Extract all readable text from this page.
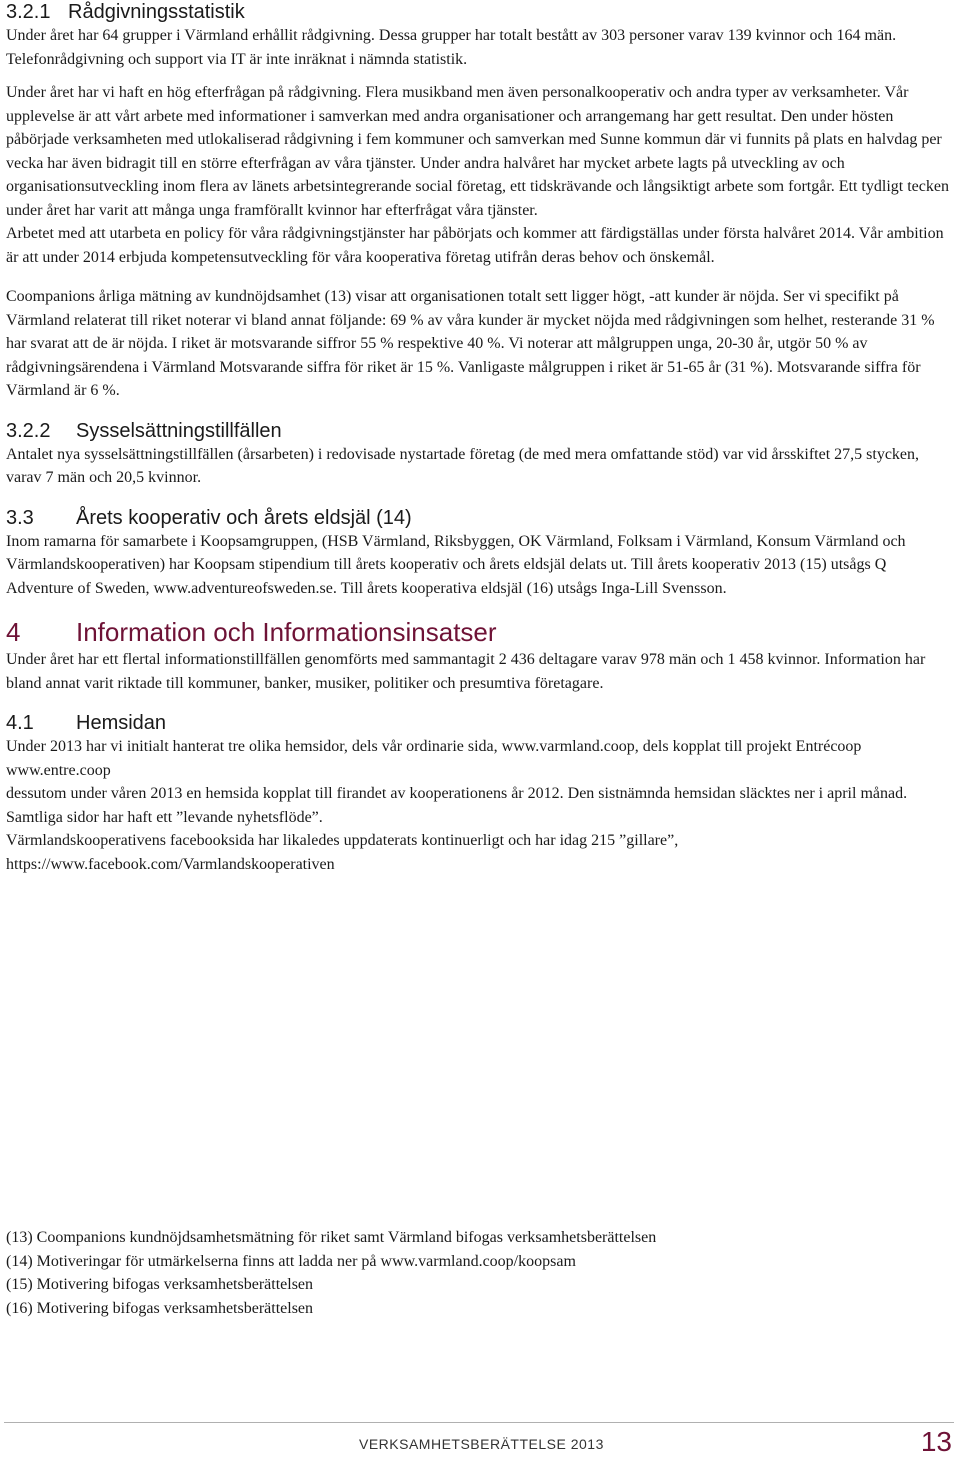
3.2.1 Rådgivningsstatistik

Under året har 64 grupper i Värmland erhållit rådgivning. Dessa grupper har totalt bestått av 303 personer varav 139 kvinnor och 164 män.

Telefonrådgivning och support via IT är inte inräknat i nämnda statistik.

Under året har vi haft en hög efterfrågan på rådgivning. Flera musikband men även personalkooperativ och andra typer av verksamheter. Vår upplevelse är att vårt arbete med informationer i samverkan med andra organisationer och arrangemang har gett resultat. Den under hösten påbörjade verksamheten med utlokaliserad rådgivning i fem kommuner och samverkan med Sunne kommun där vi funnits på plats en halvdag per vecka har även bidragit till en större efterfrågan av våra tjänster. Under andra halvåret har mycket arbete lagts på utveckling av och organisationsutveckling inom flera av länets arbetsintegrerande social företag, ett tidskrävande och långsiktigt arbete som fortgår. Ett tydligt tecken under året har varit att många unga framförallt kvinnor har efterfrågat våra tjänster.

Arbetet med att utarbeta en policy för våra rådgivningstjänster har påbörjats och kommer att färdigställas under första halvåret 2014. Vår ambition är att under 2014 erbjuda kompetensutveckling för våra kooperativa företag utifrån deras behov och önskemål.

Coompanions årliga mätning av kundnöjdsamhet (13) visar att organisationen totalt sett ligger högt, -att kunder är nöjda. Ser vi specifikt på Värmland relaterat till riket noterar vi bland annat följande: 69 % av våra kunder är mycket nöjda med rådgivningen som helhet, resterande 31 % har svarat att de är nöjda. I riket är motsvarande siffror 55 % respektive 40 %. Vi noterar att målgruppen unga, 20-30 år, utgör 50 % av rådgivningsärendena i Värmland Motsvarande siffra för riket är 15 %. Vanligaste målgruppen i riket är 51-65 år (31 %). Motsvarande siffra för Värmland är 6 %.

3.2.2 Sysselsättningstillfällen

Antalet nya sysselsättningstillfällen (årsarbeten) i redovisade nystartade företag (de med mera omfattande stöd) var vid årsskiftet 27,5 stycken, varav 7 män och 20,5 kvinnor.

3.3 Årets kooperativ och årets eldsjäl (14)

Inom ramarna för samarbete i Koopsamgruppen, (HSB Värmland, Riksbyggen, OK Värmland, Folksam i Värmland, Konsum Värmland och Värmlandskooperativen) har Koopsam stipendium till årets kooperativ och årets eldsjäl delats ut. Till årets kooperativ 2013 (15) utsågs Q Adventure of Sweden, www.adventureofsweden.se. Till årets kooperativa eldsjäl (16) utsågs Inga-Lill Svensson.

4 Information och Informationsinsatser

Under året har ett flertal informationstillfällen genomförts med sammantagit 2 436 deltagare varav 978 män och 1 458 kvinnor. Information har bland annat varit riktade till kommuner, banker, musiker, politiker och presumtiva företagare.

4.1 Hemsidan

Under 2013 har vi initialt hanterat tre olika hemsidor, dels vår ordinarie sida, www.varmland.coop, dels kopplat till projekt Entrécoop www.entre.coop

dessutom under våren 2013 en hemsida kopplat till firandet av kooperationens år 2012. Den sistnämnda hemsidan släcktes ner i april månad.

Samtliga sidor har haft ett ”levande nyhetsflöde”.

Värmlandskooperativens facebooksida har likaledes uppdaterats kontinuerligt och har idag 215 ”gillare”, https://www.facebook.com/Varmlandskooperativen

(13) Coompanions kundnöjdsamhetsmätning för riket samt Värmland bifogas verksamhetsberättelsen

(14) Motiveringar för utmärkelserna finns att ladda ner på www.varmland.coop/koopsam

(15) Motivering bifogas verksamhetsberättelsen

(16) Motivering bifogas verksamhetsberättelsen

VERKSAMHETSBERÄTTELSE 2013	13
